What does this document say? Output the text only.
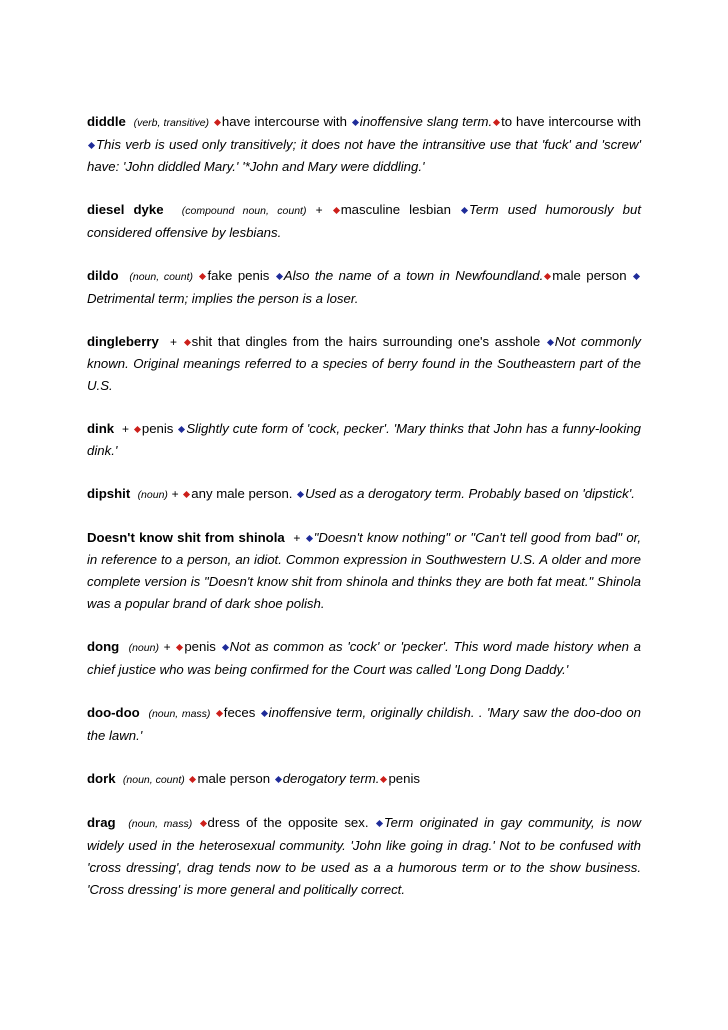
diddle (verb, transitive) have intercourse with inoffensive slang term. to have intercourse with This verb is used only transitively; it does not have the intransitive use that 'fuck' and 'screw' have: 'John diddled Mary.' '*John and Mary were diddling.'

diesel dyke (compound noun, count) + masculine lesbian Term used humorously but considered offensive by lesbians.

dildo (noun, count) fake penis Also the name of a town in Newfoundland. male person Detrimental term; implies the person is a loser.

dingleberry + shit that dingles from the hairs surrounding one's asshole Not commonly known. Original meanings referred to a species of berry found in the Southeastern part of the U.S.

dink + penis Slightly cute form of 'cock, pecker'. 'Mary thinks that John has a funny-looking dink.'

dipshit (noun) + any male person. Used as a derogatory term. Probably based on 'dipstick'.

Doesn't know shit from shinola + "Doesn't know nothing" or "Can't tell good from bad" or, in reference to a person, an idiot. Common expression in Southwestern U.S. A older and more complete version is "Doesn't know shit from shinola and thinks they are both fat meat." Shinola was a popular brand of dark shoe polish.

dong (noun) + penis Not as common as 'cock' or 'pecker'. This word made history when a chief justice who was being confirmed for the Court was called 'Long Dong Daddy.'

doo-doo (noun, mass) feces inoffensive term, originally childish. . 'Mary saw the doo-doo on the lawn.'

dork (noun, count) male person derogatory term. penis

drag (noun, mass) dress of the opposite sex. Term originated in gay community, is now widely used in the heterosexual community. 'John like going in drag.' Not to be confused with 'cross dressing', drag tends now to be used as a a humorous term or to the show business. 'Cross dressing' is more general and politically correct.
